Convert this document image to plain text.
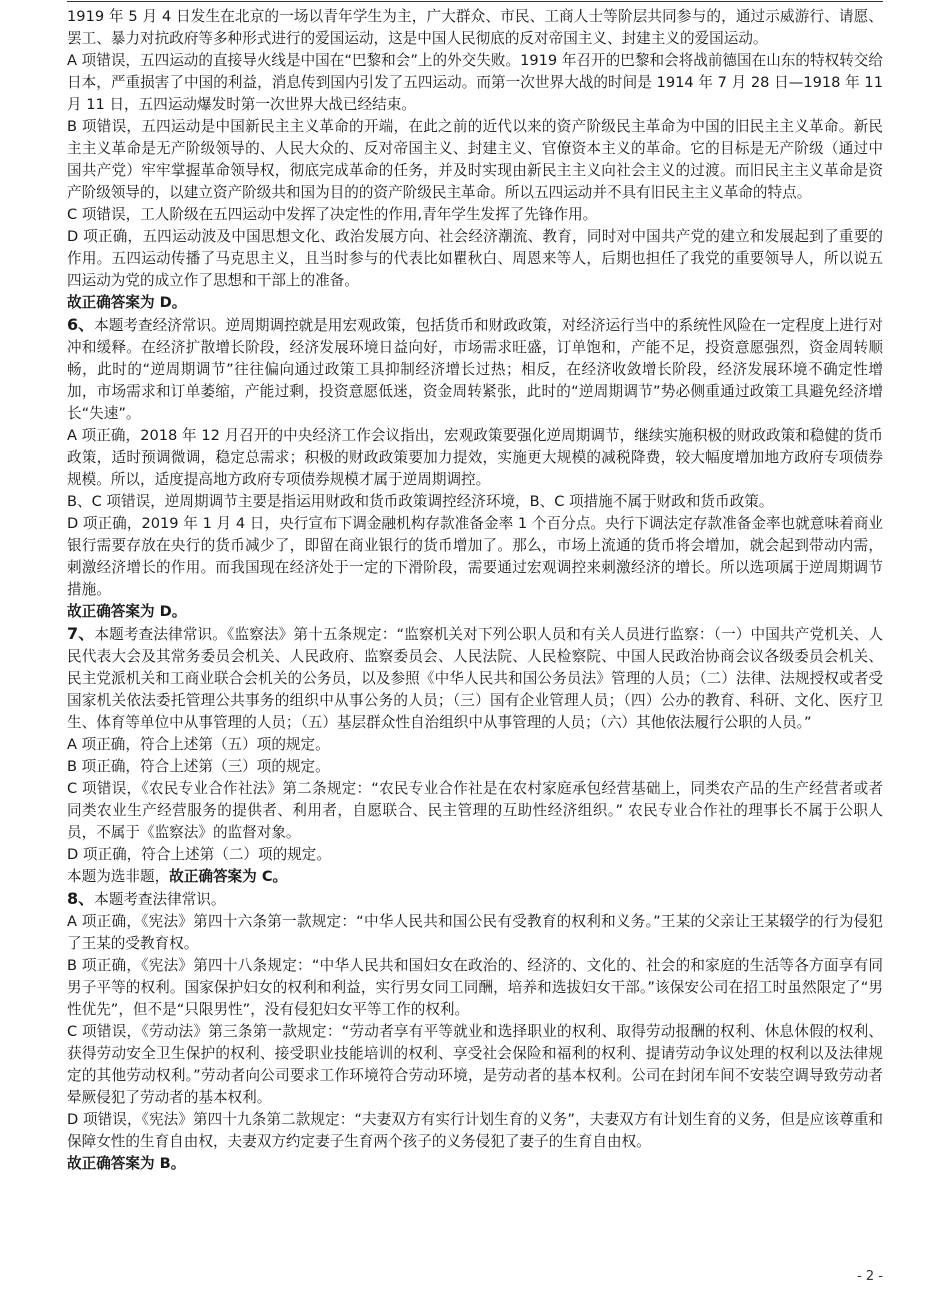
1919 年 5 月 4 日发生在北京的一场以青年学生为主，广大群众、市民、工商人士等阶层共同参与的，通过示威游行、请愿、罢工、暴力对抗政府等多种形式进行的爱国运动，这是中国人民彻底的反对帝国主义、封建主义的爱国运动。

A 项错误，五四运动的直接导火线是中国在“巴黎和会”上的外交失败。1919 年召开的巴黎和会将战前德国在山东的特权转交给日本，严重损害了中国的利益，消息传到国内引发了五四运动。而第一次世界大战的时间是 1914 年 7 月 28 日—1918 年 11 月 11 日，五四运动爆发时第一次世界大战已经结束。

B 项错误，五四运动是中国新民主主义革命的开端，在此之前的近代以来的资产阶级民主革命为中国的旧民主主义革命。新民主主义革命是无产阶级领导的、人民大众的、反对帝国主义、封建主义、官僚资本主义的革命。它的目标是无产阶级（通过中国共产党）牢牢掌握革命领导权，彻底完成革命的任务，并及时实现由新民主主义向社会主义的过渡。而旧民主主义革命是资产阶级领导的，以建立资产阶级共和国为目的的资产阶级民主革命。所以五四运动并不具有旧民主主义革命的特点。

C 项错误，工人阶级在五四运动中发挥了决定性的作用,青年学生发挥了先锋作用。

D 项正确，五四运动波及中国思想文化、政治发展方向、社会经济潮流、教育，同时对中国共产党的建立和发展起到了重要的作用。五四运动传播了马克思主义，且当时参与的代表比如瞿秋白、周恩来等人，后期也担任了我党的重要领导人，所以说五四运动为党的成立作了思想和干部上的准备。

故正确答案为 D。

6、本题考查经济常识。逆周期调控就是用宏观政策，包括货币和财政政策，对经济运行当中的系统性风险在一定程度上进行对冲和缓释。在经济扩散增长阶段，经济发展环境日益向好，市场需求旺盛，订单饱和，产能不足，投资意愿强烈，资金周转顺畅，此时的“逆周期调节”往往偏向通过政策工具抑制经济增长过热；相反，在经济收敛增长阶段，经济发展环境不确定性增加，市场需求和订单萎缩，产能过剩，投资意愿低迷，资金周转紧张，此时的“逆周期调节”势必侧重通过政策工具避免经济增长“失速”。

A 项正确，2018 年 12 月召开的中央经济工作会议指出，宏观政策要强化逆周期调节，继续实施积极的财政政策和稳健的货币政策，适时预调微调，稳定总需求；积极的财政政策要加力提效，实施更大规模的减税降费，较大幅度增加地方政府专项债券规模。所以，适度提高地方政府专项债券规模才属于逆周期调控。

B、C 项错误，逆周期调节主要是指运用财政和货币政策调控经济环境，B、C 项措施不属于财政和货币政策。

D 项正确，2019 年 1 月 4 日，央行宣布下调金融机构存款准备金率 1 个百分点。央行下调法定存款准备金率也就意味着商业银行需要存放在央行的货币减少了，即留在商业银行的货币增加了。那么，市场上流通的货币将会增加，就会起到带动内需，刺激经济增长的作用。而我国现在经济处于一定的下滑阶段，需要通过宏观调控来刺激经济的增长。所以选项属于逆周期调节措施。

故正确答案为 D。

7、本题考查法律常识。《监察法》第十五条规定：“监察机关对下列公职人员和有关人员进行监察：（一）中国共产党机关、人民代表大会及其常务委员会机关、人民政府、监察委员会、人民法院、人民检察院、中国人民政治协商会议各级委员会机关、民主党派机关和工商业联合会机关的公务员，以及参照《中华人民共和国公务员法》管理的人员；（二）法律、法规授权或者受国家机关依法委托管理公共事务的组织中从事公务的人员；（三）国有企业管理人员；（四）公办的教育、科研、文化、医疗卫生、体育等单位中从事管理的人员；（五）基层群众性自治组织中从事管理的人员；（六）其他依法履行公职的人员。”

A 项正确，符合上述第（五）项的规定。

B 项正确，符合上述第（三）项的规定。

C 项错误，《农民专业合作社法》第二条规定：“农民专业合作社是在农村家庭承包经营基础上，同类农产品的生产经营者或者同类农业生产经营服务的提供者、利用者，自愿联合、民主管理的互助性经济组织。” 农民专业合作社的理事长不属于公职人员，不属于《监察法》的监督对象。

D 项正确，符合上述第（二）项的规定。

本题为选非题，故正确答案为 C。

8、本题考查法律常识。

A 项正确，《宪法》第四十六条第一款规定：“中华人民共和国公民有受教育的权利和义务。”王某的父亲让王某辍学的行为侵犯了王某的受教育权。

B 项正确，《宪法》第四十八条规定：“中华人民共和国妇女在政治的、经济的、文化的、社会的和家庭的生活等各方面享有同男子平等的权利。国家保护妇女的权利和利益，实行男女同工同酬，培养和选拔妇女干部。”该保安公司在招工时虽然限定了“男性优先”，但不是“只限男性”，没有侵犯妇女平等工作的权利。

C 项错误，《劳动法》第三条第一款规定：“劳动者享有平等就业和选择职业的权利、取得劳动报酬的权利、休息休假的权利、获得劳动安全卫生保护的权利、接受职业技能培训的权利、享受社会保险和福利的权利、提请劳动争议处理的权利以及法律规定的其他劳动权利。”劳动者向公司要求工作环境符合劳动环境，是劳动者的基本权利。公司在封闭车间不安装空调导致劳动者晕厥侵犯了劳动者的基本权利。

D 项错误，《宪法》第四十九条第二款规定：“夫妻双方有实行计划生育的义务”，夫妻双方有计划生育的义务，但是应该尊重和保障女性的生育自由权，夫妻双方约定妻子生育两个孩子的义务侵犯了妻子的生育自由权。

故正确答案为 B。

- 2 -
